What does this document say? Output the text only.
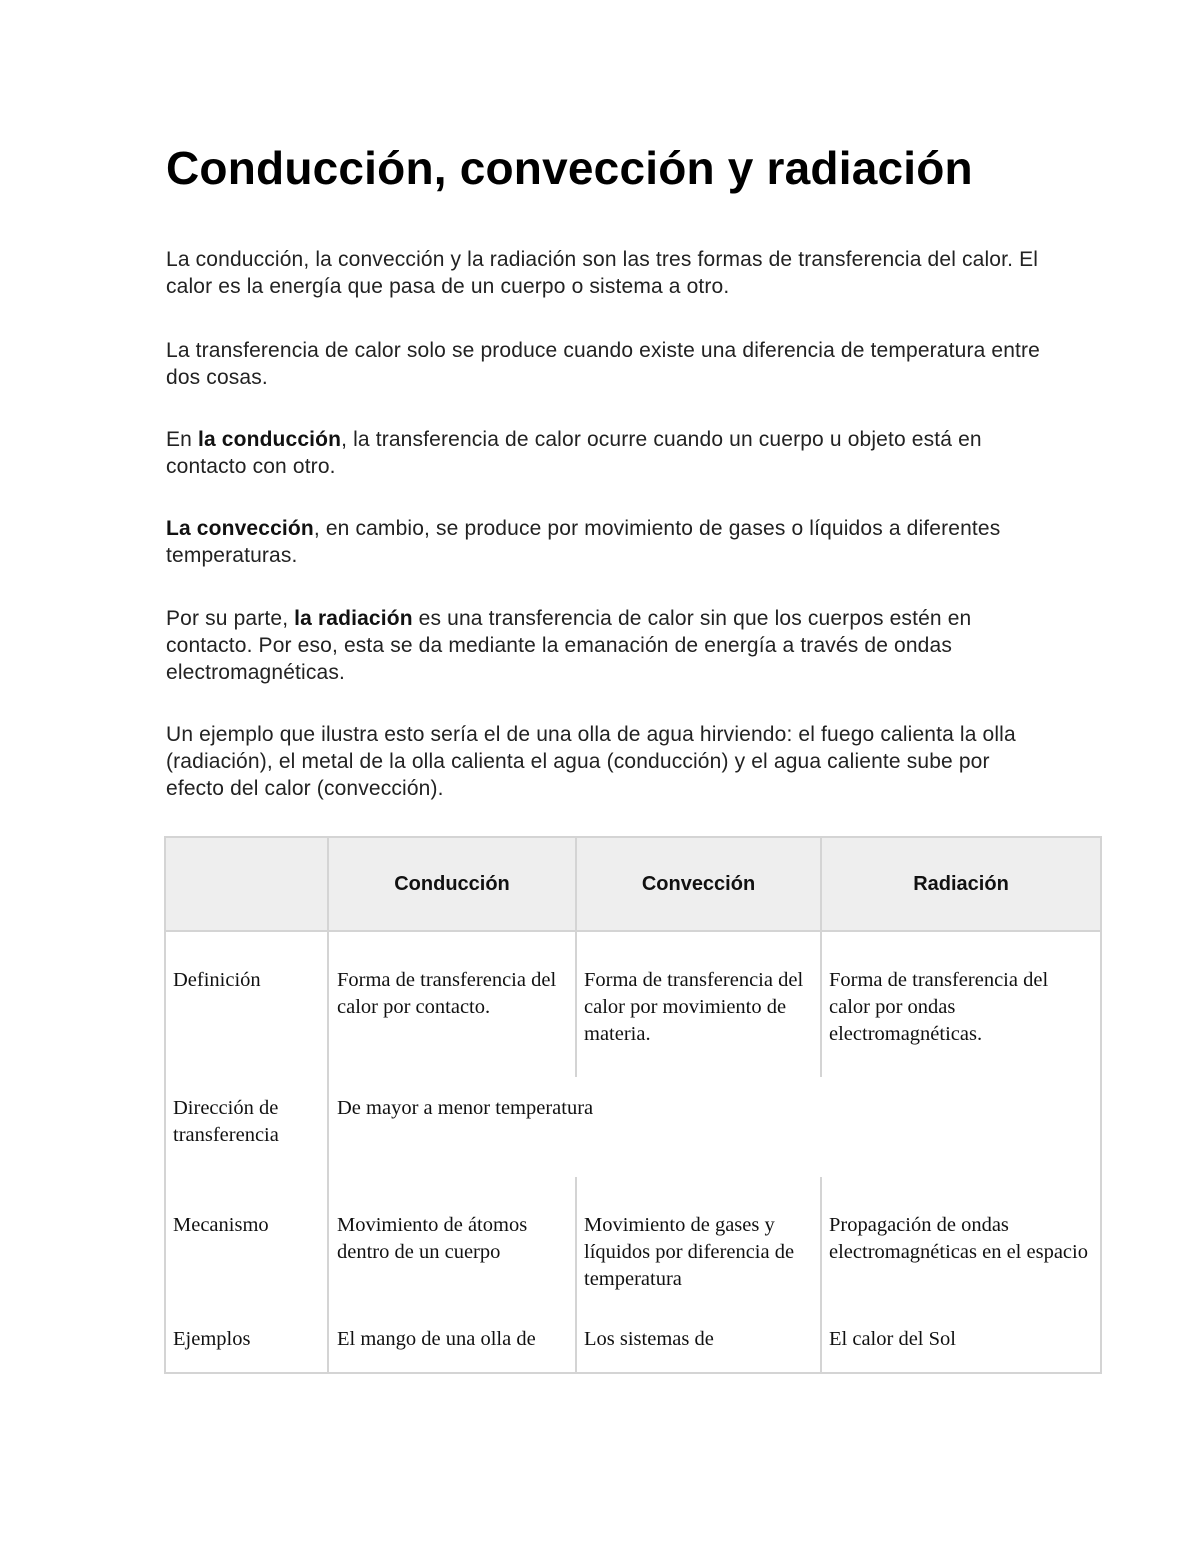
Conducción, convección y radiación

La conducción, la convección y la radiación son las tres formas de transferencia del calor. El calor es la energía que pasa de un cuerpo o sistema a otro.

La transferencia de calor solo se produce cuando existe una diferencia de temperatura entre dos cosas.

En la conducción, la transferencia de calor ocurre cuando un cuerpo u objeto está en contacto con otro.

La convección, en cambio, se produce por movimiento de gases o líquidos a diferentes temperaturas.

Por su parte, la radiación es una transferencia de calor sin que los cuerpos estén en contacto. Por eso, esta se da mediante la emanación de energía a través de ondas electromagnéticas.

Un ejemplo que ilustra esto sería el de una olla de agua hirviendo: el fuego calienta la olla (radiación), el metal de la olla calienta el agua (conducción) y el agua caliente sube por efecto del calor (convección).

	Conducción	Convección	Radiación
Definición	Forma de transferencia del calor por contacto.	Forma de transferencia del calor por movimiento de materia.	Forma de transferencia del calor por ondas electromagnéticas.
Dirección de transferencia	De mayor a menor temperatura		
Mecanismo	Movimiento de átomos dentro de un cuerpo	Movimiento de gases y líquidos por diferencia de temperatura	Propagación de ondas electromagnéticas en el espacio

Ejemplos	El mango de una olla de	Los sistemas de	El calor del Sol
